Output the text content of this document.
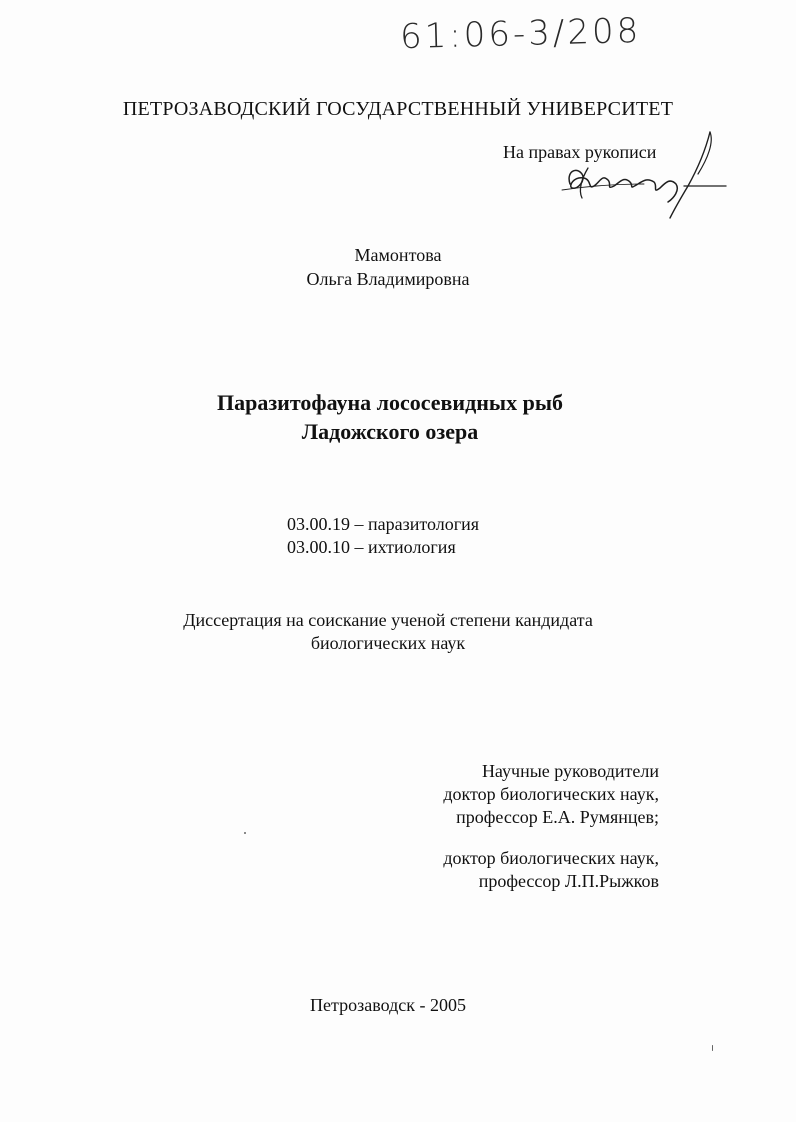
61:06-3/208
ПЕТРОЗАВОДСКИЙ ГОСУДАРСТВЕННЫЙ УНИВЕРСИТЕТ
На правах рукописи
Мамонтова
Ольга Владимировна
Паразитофауна лососевидных рыб
Ладожского озера
03.00.19 – паразитология
03.00.10 – ихтиология
Диссертация на соискание ученой степени кандидата
биологических наук
Научные руководители
доктор биологических наук,
профессор Е.А. Румянцев;
доктор биологических наук,
профессор Л.П.Рыжков
Петрозаводск - 2005
